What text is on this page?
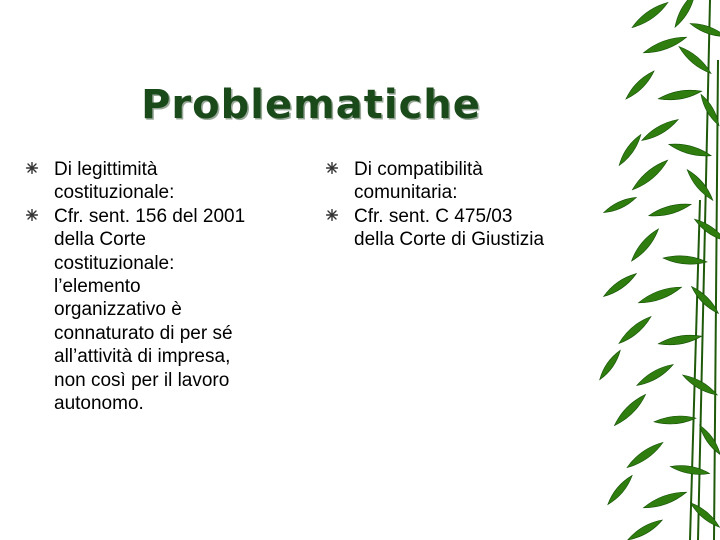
Problematiche
Di legittimità
costituzionale:
Cfr. sent. 156 del 2001
della Corte
costituzionale:
l’elemento
organizzativo è
connaturato di per sé
all’attività di impresa,
non così per il lavoro
autonomo.
Di compatibilità
comunitaria:
Cfr. sent. C 475/03
della Corte di Giustizia
